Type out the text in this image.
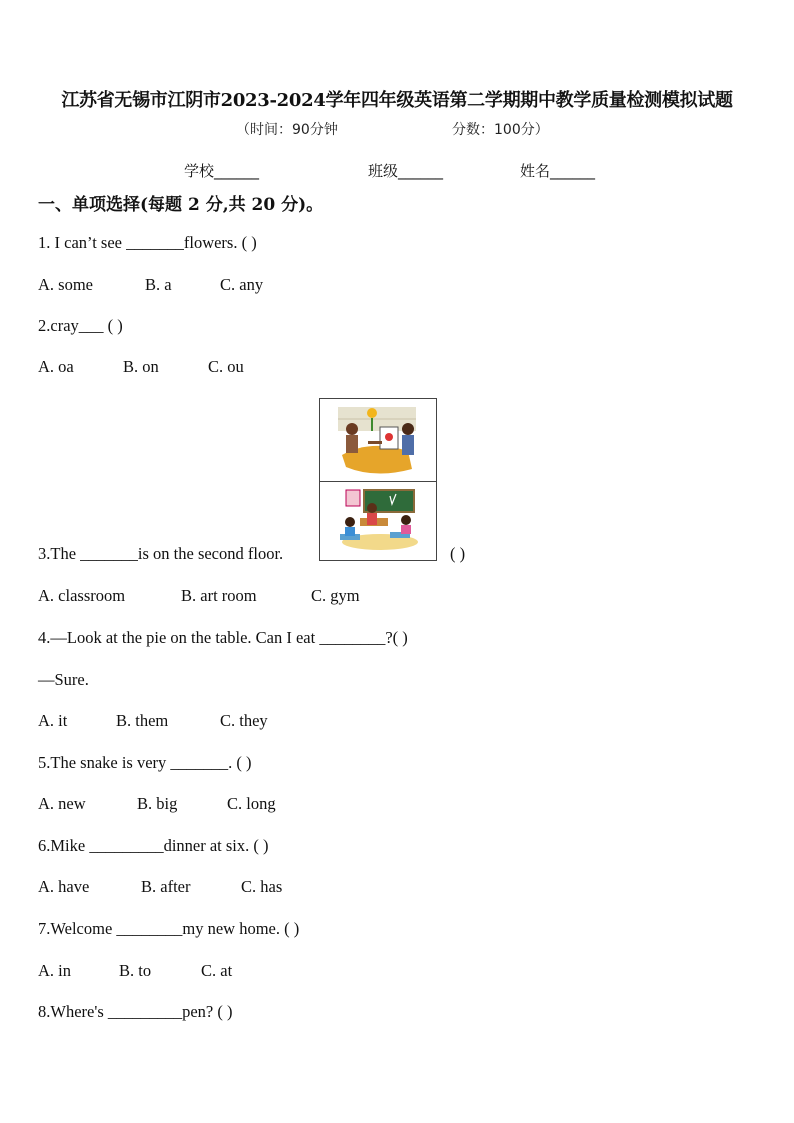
江苏省无锡市江阴市2023-2024学年四年级英语第二学期期中教学质量检测模拟试题
（时间：90分钟	分数：100分）
学校______	班级______	姓名______
一、单项选择(每题 2 分,共 20 分)。
1. I can’t see _______flowers. ( )
A. some	B. a	C. any
2.cray___ ( )
A. oa	B. on	C. ou
3.The _______is on the second floor.	( )
A. classroom	B. art room	C. gym
4.—Look at the pie on the table. Can I eat ________?( )
—Sure.
A. it	B. them	C. they
5.The snake is very _______. ( )
A. new	B. big	C. long
6.Mike _________dinner at six. ( )
A. have	B. after	C. has
7.Welcome ________my new home. ( )
A. in	B. to	C. at
8.Where's _________pen? ( )
